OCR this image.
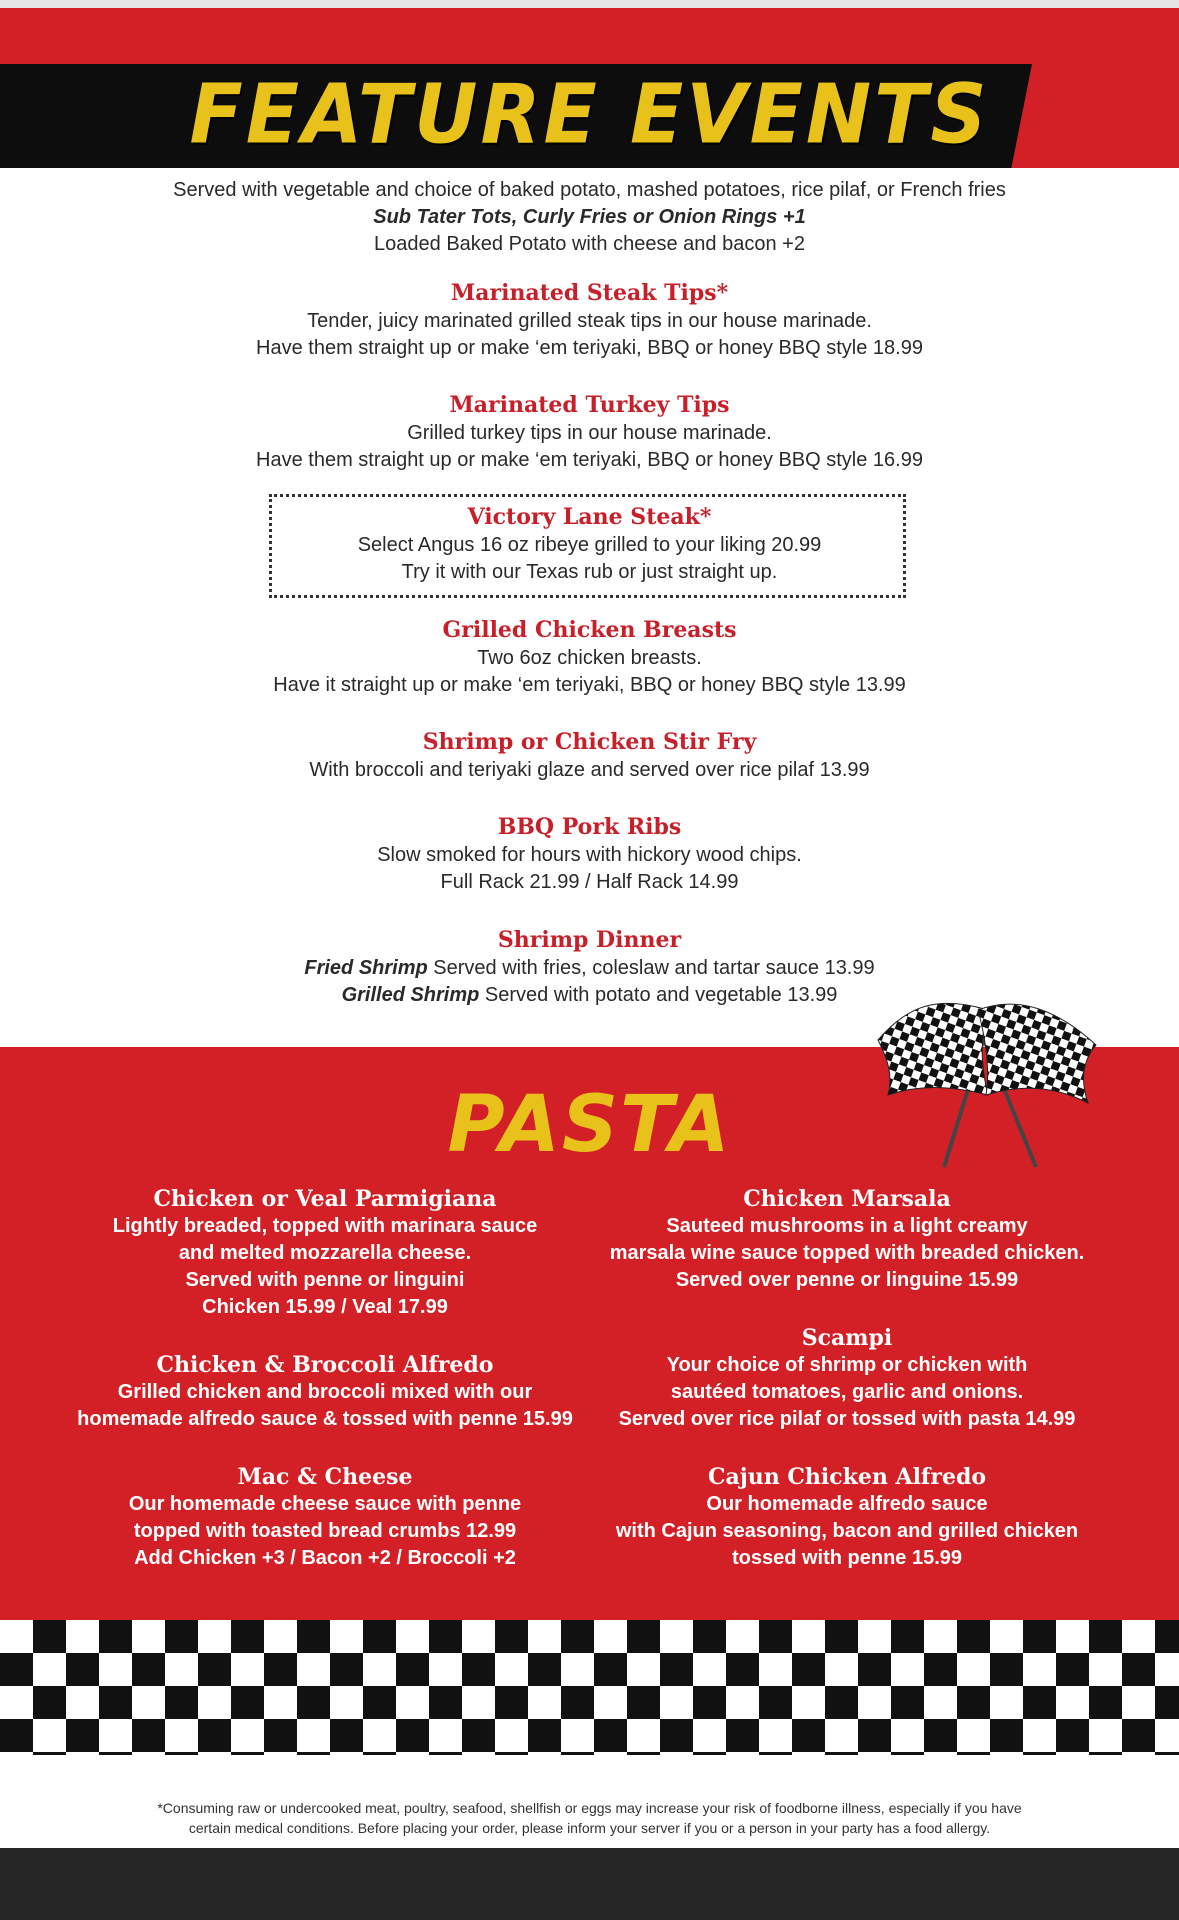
FEATURE EVENTS
Served with vegetable and choice of baked potato, mashed potatoes, rice pilaf, or French fries
Sub Tater Tots, Curly Fries or Onion Rings +1
Loaded Baked Potato with cheese and bacon +2
Marinated Steak Tips*
Tender, juicy marinated grilled steak tips in our house marinade.
Have them straight up or make ‘em teriyaki, BBQ or honey BBQ style 18.99
Marinated Turkey Tips
Grilled turkey tips in our house marinade.
Have them straight up or make ‘em teriyaki, BBQ or honey BBQ style 16.99
Victory Lane Steak*
Select Angus 16 oz ribeye grilled to your liking 20.99
Try it with our Texas rub or just straight up.
Grilled Chicken Breasts
Two 6oz chicken breasts.
Have it straight up or make ‘em teriyaki, BBQ or honey BBQ style 13.99
Shrimp or Chicken Stir Fry
With broccoli and teriyaki glaze and served over rice pilaf 13.99
BBQ Pork Ribs
Slow smoked for hours with hickory wood chips.
Full Rack 21.99 / Half Rack 14.99
Shrimp Dinner
Fried Shrimp Served with fries, coleslaw and tartar sauce 13.99
Grilled Shrimp Served with potato and vegetable 13.99
PASTA
Chicken or Veal Parmigiana
Lightly breaded, topped with marinara sauce
and melted mozzarella cheese.
Served with penne or linguini
Chicken 15.99 / Veal 17.99
Chicken & Broccoli Alfredo
Grilled chicken and broccoli mixed with our
homemade alfredo sauce & tossed with penne 15.99
Mac & Cheese
Our homemade cheese sauce with penne
topped with toasted bread crumbs 12.99
Add Chicken +3 / Bacon +2 / Broccoli +2
Chicken Marsala
Sauteed mushrooms in a light creamy
marsala wine sauce topped with breaded chicken.
Served over penne or linguine 15.99
Scampi
Your choice of shrimp or chicken with
sautéed tomatoes, garlic and onions.
Served over rice pilaf or tossed with pasta 14.99
Cajun Chicken Alfredo
Our homemade alfredo sauce
with Cajun seasoning, bacon and grilled chicken
tossed with penne 15.99
*Consuming raw or undercooked meat, poultry, seafood, shellfish or eggs may increase your risk of foodborne illness, especially if you have
certain medical conditions. Before placing your order, please inform your server if you or a person in your party has a food allergy.
